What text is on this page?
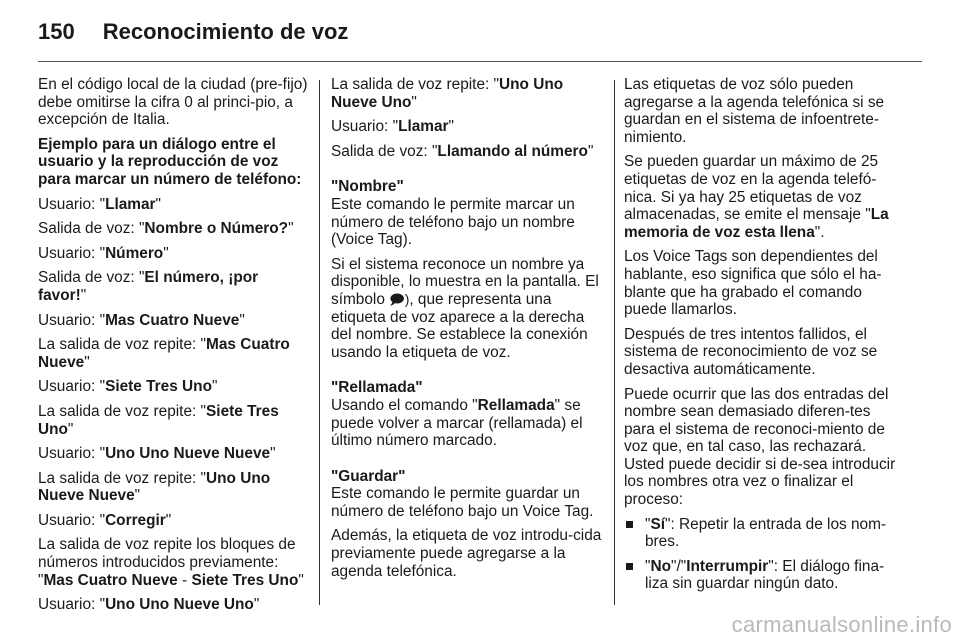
150 Reconocimiento de voz

En el código local de la ciudad (pre-fijo) debe omitirse la cifra 0 al princi-pio, a excepción de Italia.

Ejemplo para un diálogo entre el usuario y la reproducción de voz para marcar un número de teléfono:

Usuario: "Llamar"

Salida de voz: "Nombre o Número?"

Usuario: "Número"

Salida de voz: "El número, ¡por favor!"

Usuario: "Mas Cuatro Nueve"

La salida de voz repite: "Mas Cuatro Nueve"

Usuario: "Siete Tres Uno"

La salida de voz repite: "Siete Tres Uno"

Usuario: "Uno Uno Nueve Nueve"

La salida de voz repite: "Uno Uno Nueve Nueve"

Usuario: "Corregir"

La salida de voz repite los bloques de números introducidos previamente: "Mas Cuatro Nueve - Siete Tres Uno"

Usuario: "Uno Uno Nueve Uno"

La salida de voz repite: "Uno Uno Nueve Uno"

Usuario: "Llamar"

Salida de voz: "Llamando al número"

"Nombre"

Este comando le permite marcar un número de teléfono bajo un nombre (Voice Tag).

Si el sistema reconoce un nombre ya disponible, lo muestra en la pantalla. El símbolo 🗩), que representa una etiqueta de voz aparece a la derecha del nombre. Se establece la conexión usando la etiqueta de voz.

"Rellamada"

Usando el comando "Rellamada" se puede volver a marcar (rellamada) el último número marcado.

"Guardar"

Este comando le permite guardar un número de teléfono bajo un Voice Tag.

Además, la etiqueta de voz introdu-cida previamente puede agregarse a la agenda telefónica.

Las etiquetas de voz sólo pueden agregarse a la agenda telefónica si se guardan en el sistema de infoentrete-nimiento.

Se pueden guardar un máximo de 25 etiquetas de voz en la agenda telefó-nica. Si ya hay 25 etiquetas de voz almacenadas, se emite el mensaje "La memoria de voz esta llena".

Los Voice Tags son dependientes del hablante, eso significa que sólo el ha-blante que ha grabado el comando puede llamarlos.

Después de tres intentos fallidos, el sistema de reconocimiento de voz se desactiva automáticamente.

Puede ocurrir que las dos entradas del nombre sean demasiado diferen-tes para el sistema de reconoci-miento de voz que, en tal caso, las rechazará. Usted puede decidir si de-sea introducir los nombres otra vez o finalizar el proceso:

"Sí": Repetir la entrada de los nom-bres.
"No"/"Interrumpir": El diálogo fina-liza sin guardar ningún dato.
carmanualsonline.info
